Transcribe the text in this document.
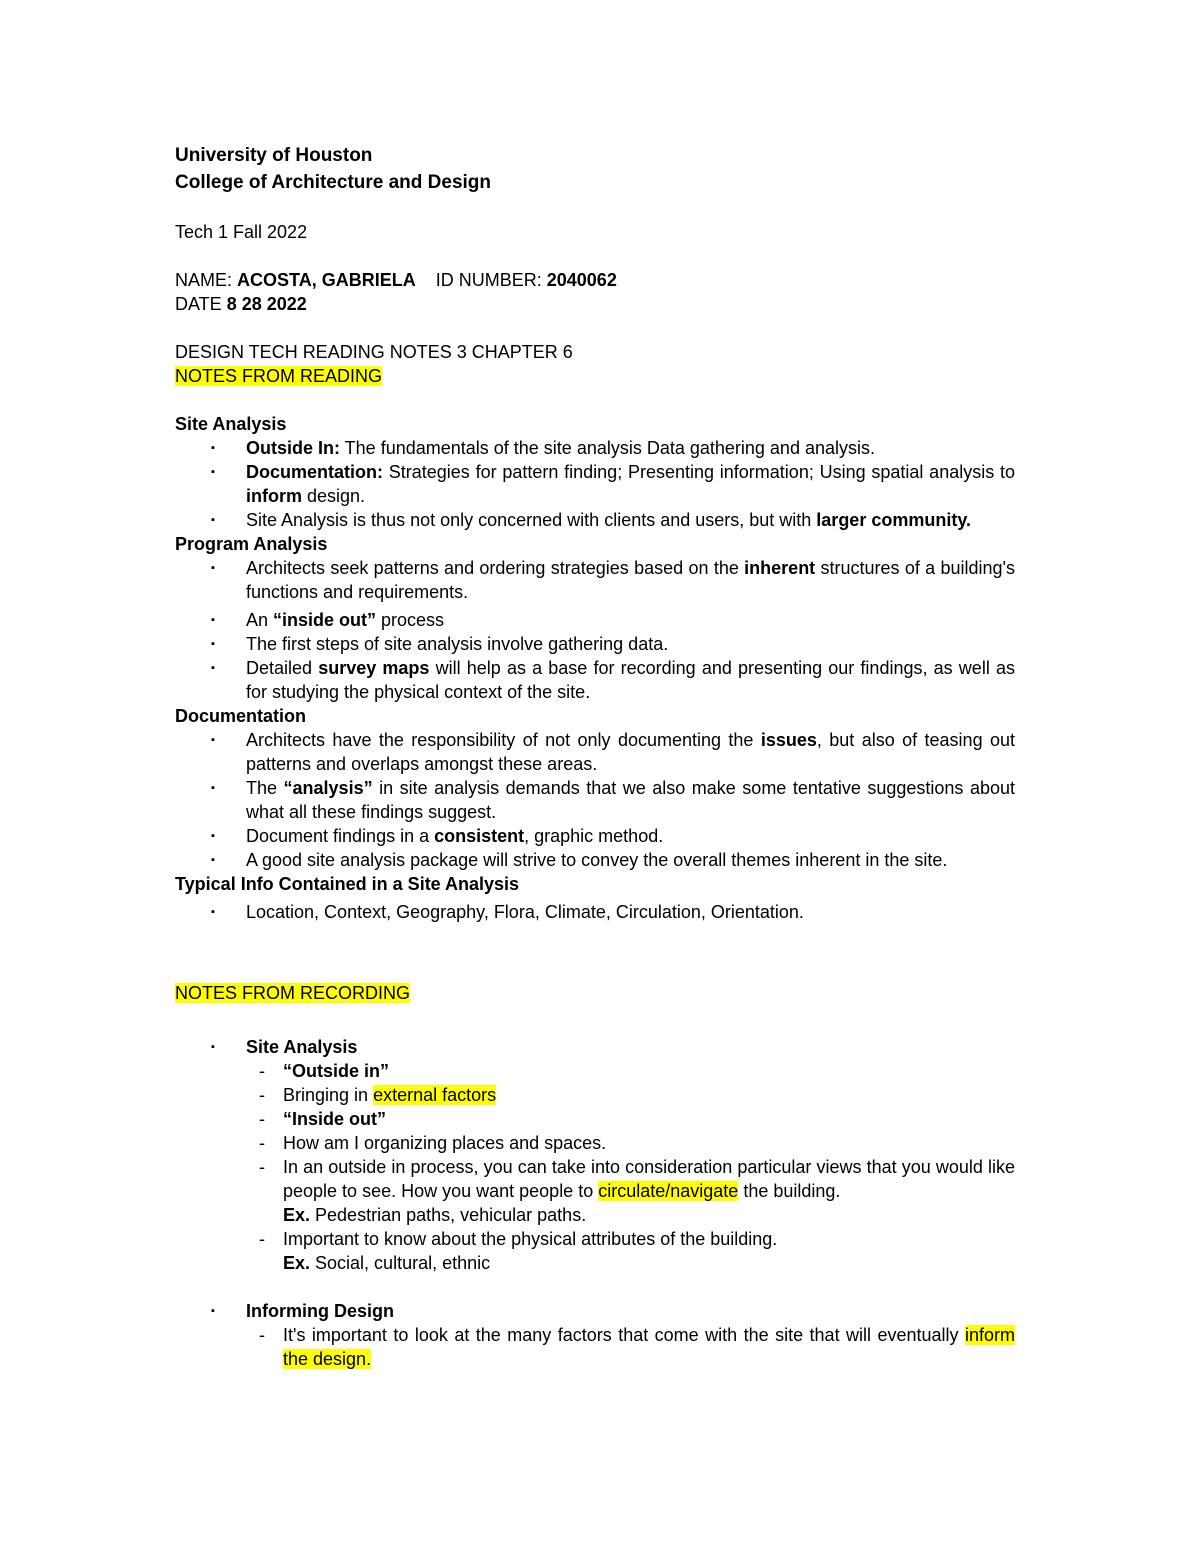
University of Houston
College of Architecture and Design
Tech 1 Fall 2022
NAME: ACOSTA, GABRIELA ID NUMBER: 2040062
DATE 8 28 2022
DESIGN TECH READING NOTES 3 CHAPTER 6
NOTES FROM READING
Site Analysis
▪ Outside In: The fundamentals of the site analysis Data gathering and analysis.
▪ Documentation: Strategies for pattern finding; Presenting information; Using spatial analysis to inform design.
▪ Site Analysis is thus not only concerned with clients and users, but with larger community.
Program Analysis
▪ Architects seek patterns and ordering strategies based on the inherent structures of a building's functions and requirements.
▪ An “inside out” process
▪ The first steps of site analysis involve gathering data.
▪ Detailed survey maps will help as a base for recording and presenting our findings, as well as for studying the physical context of the site.
Documentation
▪ Architects have the responsibility of not only documenting the issues, but also of teasing out patterns and overlaps amongst these areas.
▪ The “analysis” in site analysis demands that we also make some tentative suggestions about what all these findings suggest.
▪ Document findings in a consistent, graphic method.
▪ A good site analysis package will strive to convey the overall themes inherent in the site.
Typical Info Contained in a Site Analysis
▪ Location, Context, Geography, Flora, Climate, Circulation, Orientation.
NOTES FROM RECORDING
▪ Site Analysis
- “Outside in”
- Bringing in external factors
- “Inside out”
- How am I organizing places and spaces.
- In an outside in process, you can take into consideration particular views that you would like people to see. How you want people to circulate/navigate the building.
Ex. Pedestrian paths, vehicular paths.
- Important to know about the physical attributes of the building.
Ex. Social, cultural, ethnic
▪ Informing Design
- It's important to look at the many factors that come with the site that will eventually inform the design.
